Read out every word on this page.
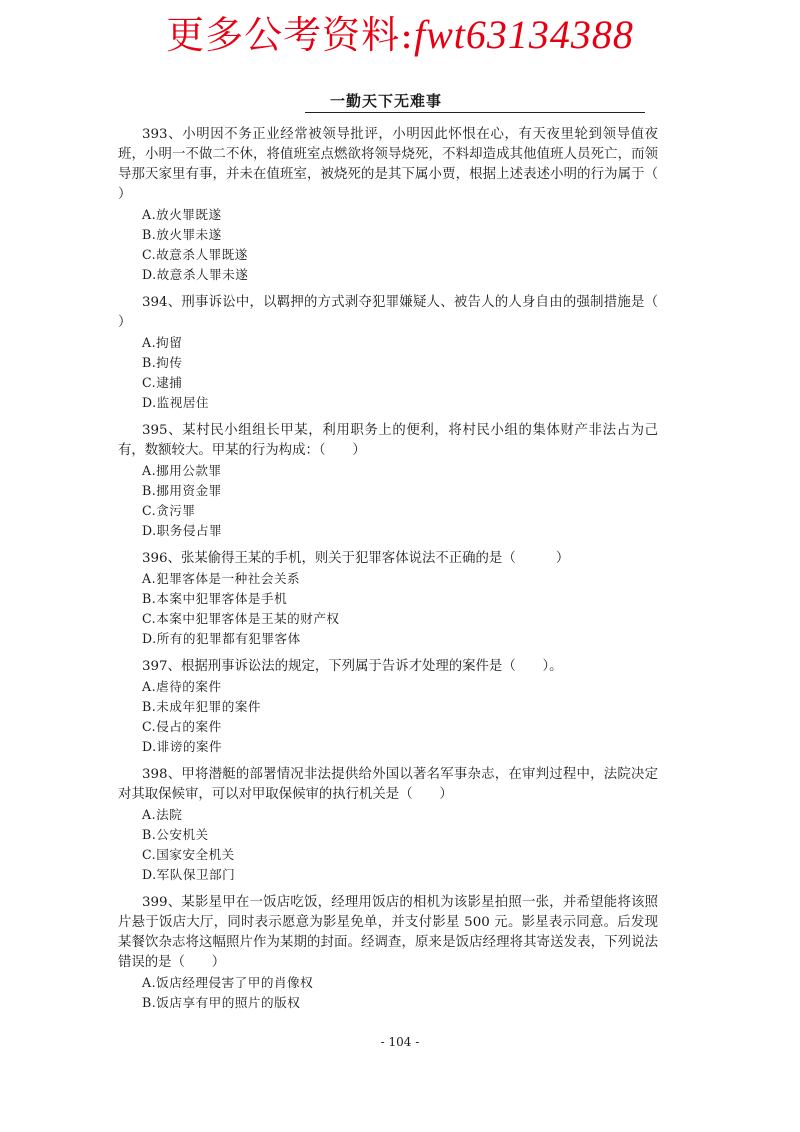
更多公考资料:fwt63134388
一勤天下无难事
393、小明因不务正业经常被领导批评，小明因此怀恨在心，有天夜里轮到领导值夜班，小明一不做二不休，将值班室点燃欲将领导烧死，不料却造成其他值班人员死亡，而领导那天家里有事，并未在值班室，被烧死的是其下属小贾，根据上述表述小明的行为属于（　　）
A.放火罪既遂
B.放火罪未遂
C.故意杀人罪既遂
D.故意杀人罪未遂
394、刑事诉讼中，以羁押的方式剥夺犯罪嫌疑人、被告人的人身自由的强制措施是（ ）
A.拘留
B.拘传
C.逮捕
D.监视居住
395、某村民小组组长甲某，利用职务上的便利，将村民小组的集体财产非法占为己有，数额较大。甲某的行为构成：（　　）
A.挪用公款罪
B.挪用资金罪
C.贪污罪
D.职务侵占罪
396、张某偷得王某的手机，则关于犯罪客体说法不正确的是（　　　）
A.犯罪客体是一种社会关系
B.本案中犯罪客体是手机
C.本案中犯罪客体是王某的财产权
D.所有的犯罪都有犯罪客体
397、根据刑事诉讼法的规定，下列属于告诉才处理的案件是（　　）。
A.虐待的案件
B.未成年犯罪的案件
C.侵占的案件
D.诽谤的案件
398、甲将潜艇的部署情况非法提供给外国以著名军事杂志，在审判过程中，法院决定对其取保候审，可以对甲取保候审的执行机关是（　　）
A.法院
B.公安机关
C.国家安全机关
D.军队保卫部门
399、某影星甲在一饭店吃饭，经理用饭店的相机为该影星拍照一张，并希望能将该照片悬于饭店大厅，同时表示愿意为影星免单，并支付影星 500 元。影星表示同意。后发现某餐饮杂志将这幅照片作为某期的封面。经调查，原来是饭店经理将其寄送发表，下列说法错误的是（　　）
A.饭店经理侵害了甲的肖像权
B.饭店享有甲的照片的版权
- 104 -
